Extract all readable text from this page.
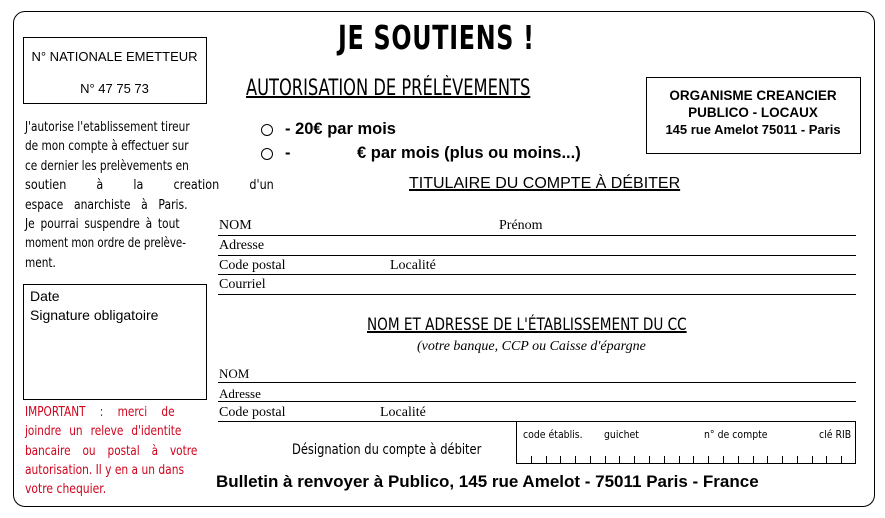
N° NATIONALE EMETTEUR
N° 47 75 73
JE SOUTIENS !
AUTORISATION DE PRÉLÈVEMENTS	ORGANISME CREANCIER
PUBLICO - LOCAUX
145 rue Amelot 75011 - Paris
J'autorise l'etablissement tireur
de mon compte à effectuer sur
ce dernier les prelèvements en
soutien à la creation d'un
espace anarchiste à Paris.
Je pourrai suspendre à tout
moment mon ordre de prelève-
ment.
- 20€ par mois
-	€ par mois (plus ou moins...)
TITULAIRE DU COMPTE À DÉBITER
NOM	Prénom
Adresse
Code postal	Localité
Courriel
Date
Signature obligatoire	NOM ET ADRESSE DE L'ÉTABLISSEMENT DU CC
(votre banque, CCP ou Caisse d'épargne
NOM
Adresse
Code postal	Localité
IMPORTANT : merci de
joindre un releve d'identite
bancaire ou postal à votre
autorisation. Il y en a un dans
votre chequier.
Désignation du compte à débiter
code établis. guichet	n° de compte	clé RIB
Bulletin à renvoyer à Publico, 145 rue Amelot - 75011 Paris - France
